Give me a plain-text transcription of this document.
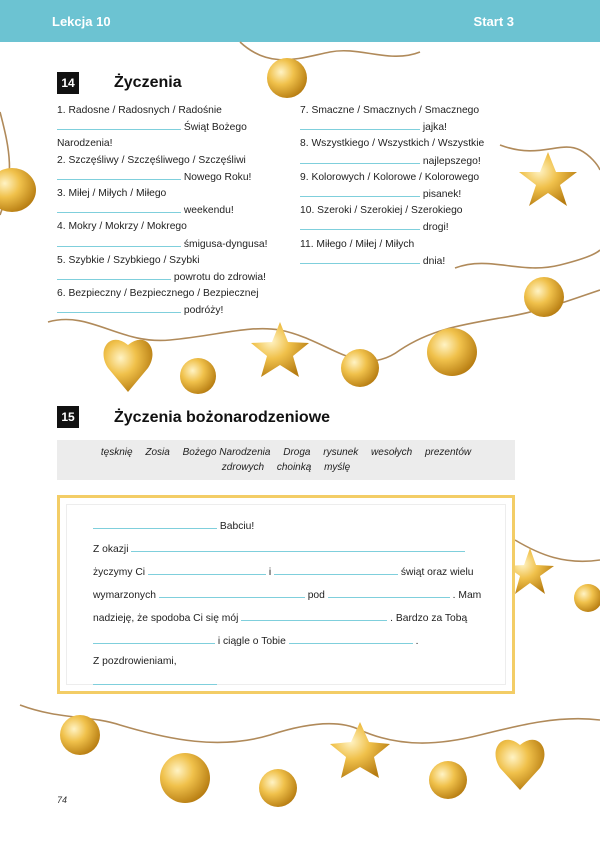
Lekcja 10	Start 3
14 Życzenia
1. Radosne / Radosnych / Radośnie
Świąt Bożego
Narodzenia!
2. Szczęśliwy / Szczęśliwego / Szczęśliwi
Nowego Roku!
3. Miłej / Miłych / Miłego
weekendu!
4. Mokry / Mokrzy / Mokrego
śmigusa-dyngusa!
5. Szybkie / Szybkiego / Szybki
powrotu do zdrowia!
6. Bezpieczny / Bezpiecznego / Bezpiecznej
podróży!
7. Smaczne / Smacznych / Smacznego
jajka!
8. Wszystkiego / Wszystkich / Wszystkie
najlepszego!
9. Kolorowych / Kolorowe / Kolorowego
pisanek!
10. Szeroki / Szerokiej / Szerokiego
drogi!
11. Miłego / Miłej / Miłych
dnia!
15 Życzenia bożonarodzeniowe
tęsknię Zosia Bożego Narodzenia Droga rysunek wesołych prezentów
zdrowych choinką myślę
Babciu!
Z okazji
życzymy Ci	i	świąt oraz wielu
wymarzonych	pod	. Mam
nadzieję, że spodoba Ci się mój	. Bardzo za Tobą
i ciągle o Tobie	.
Z pozdrowieniami,
74
